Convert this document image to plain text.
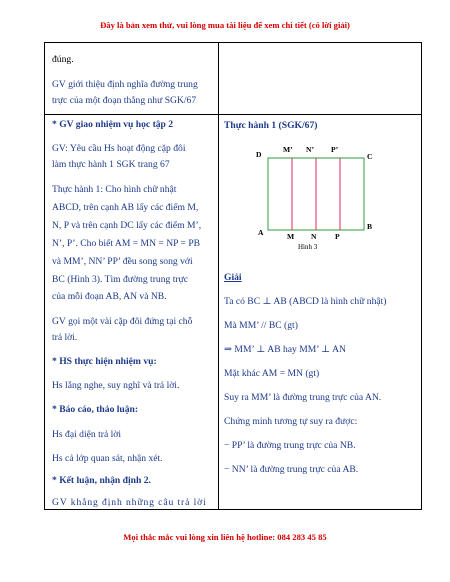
Đây là bản xem thử, vui lòng mua tài liệu để xem chi tiết (có lời giải)

đúng.

GV giới thiệu định nghĩa đường trung

trực của một đoạn thẳng như SGK/67

* GV giao nhiệm vụ học tập 2

GV: Yêu cầu Hs hoạt động cặp đôi

làm thực hành 1 SGK trang 67

Thực hành 1: Cho hình chữ nhật

ABCD, trên cạnh AB lấy các điểm M,

N, P và trên cạnh DC lấy các điểm M’,

N’, P’. Cho biết AM = MN = NP = PB

và MM’, NN’ PP’ đều song song với

BC (Hình 3). Tìm đường trung trực

của mỗi đoạn AB, AN và NB.

GV gọi một vài cặp đôi đứng tại chỗ

trả lời.

* HS thực hiện nhiệm vụ:

Hs lắng nghe, suy nghĩ và trả lời.

* Báo cáo, thảo luận:

Hs đại diện trả lời

Hs cả lớp quan sát, nhận xét.

* Kết luận, nhận định 2.

GV khẳng định những câu trả lời

Thực hành 1 (SGK/67)

D
M’ N’ P’
C
A	M N P
B
Hình 3

Giải

Ta có BC ⊥ AB (ABCD là hình chữ nhật)

Mà MM’ // BC (gt)

⇒ MM’ ⊥ AB hay MM’ ⊥ AN

Mặt khác AM = MN (gt)

Suy ra MM’ là đường trung trực của AN.

Chứng minh tương tự suy ra được:

− PP’ là đường trung trực của NB.

− NN’ là đường trung trực của AB.

Mọi thắc mắc vui lòng xin liên hệ hotline: 084 283 45 85
